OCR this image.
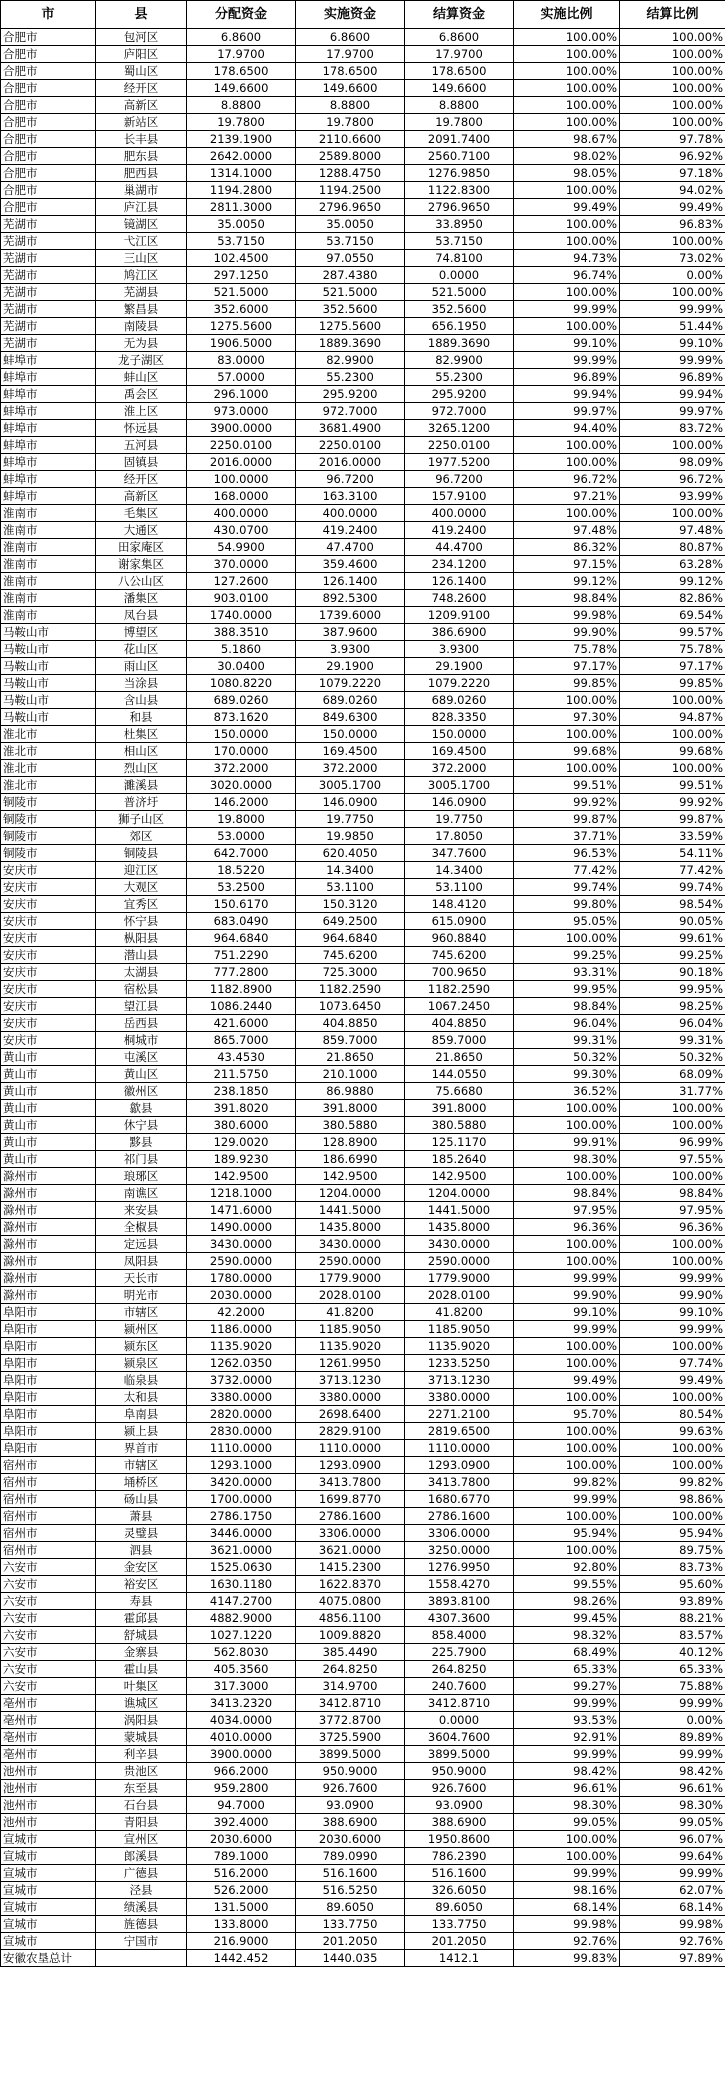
市	县	分配资金	实施资金	结算资金	实施比例	结算比例
合肥市	包河区	6.8600	6.8600	6.8600	100.00%	100.00%
合肥市	庐阳区	17.9700	17.9700	17.9700	100.00%	100.00%
合肥市	蜀山区	178.6500	178.6500	178.6500	100.00%	100.00%
合肥市	经开区	149.6600	149.6600	149.6600	100.00%	100.00%
合肥市	高新区	8.8800	8.8800	8.8800	100.00%	100.00%
合肥市	新站区	19.7800	19.7800	19.7800	100.00%	100.00%
合肥市	长丰县	2139.1900	2110.6600	2091.7400	98.67%	97.78%
合肥市	肥东县	2642.0000	2589.8000	2560.7100	98.02%	96.92%
合肥市	肥西县	1314.1000	1288.4750	1276.9850	98.05%	97.18%
合肥市	巢湖市	1194.2800	1194.2500	1122.8300	100.00%	94.02%
合肥市	庐江县	2811.3000	2796.9650	2796.9650	99.49%	99.49%
芜湖市	镜湖区	35.0050	35.0050	33.8950	100.00%	96.83%
芜湖市	弋江区	53.7150	53.7150	53.7150	100.00%	100.00%
芜湖市	三山区	102.4500	97.0550	74.8100	94.73%	73.02%
芜湖市	鸠江区	297.1250	287.4380	0.0000	96.74%	0.00%
芜湖市	芜湖县	521.5000	521.5000	521.5000	100.00%	100.00%
芜湖市	繁昌县	352.6000	352.5600	352.5600	99.99%	99.99%
芜湖市	南陵县	1275.5600	1275.5600	656.1950	100.00%	51.44%
芜湖市	无为县	1906.5000	1889.3690	1889.3690	99.10%	99.10%
蚌埠市	龙子湖区	83.0000	82.9900	82.9900	99.99%	99.99%
蚌埠市	蚌山区	57.0000	55.2300	55.2300	96.89%	96.89%
蚌埠市	禹会区	296.1000	295.9200	295.9200	99.94%	99.94%
蚌埠市	淮上区	973.0000	972.7000	972.7000	99.97%	99.97%
蚌埠市	怀远县	3900.0000	3681.4900	3265.1200	94.40%	83.72%
蚌埠市	五河县	2250.0100	2250.0100	2250.0100	100.00%	100.00%
蚌埠市	固镇县	2016.0000	2016.0000	1977.5200	100.00%	98.09%
蚌埠市	经开区	100.0000	96.7200	96.7200	96.72%	96.72%
蚌埠市	高新区	168.0000	163.3100	157.9100	97.21%	93.99%
淮南市	毛集区	400.0000	400.0000	400.0000	100.00%	100.00%
淮南市	大通区	430.0700	419.2400	419.2400	97.48%	97.48%
淮南市	田家庵区	54.9900	47.4700	44.4700	86.32%	80.87%
淮南市	谢家集区	370.0000	359.4600	234.1200	97.15%	63.28%
淮南市	八公山区	127.2600	126.1400	126.1400	99.12%	99.12%
淮南市	潘集区	903.0100	892.5300	748.2600	98.84%	82.86%
淮南市	凤台县	1740.0000	1739.6000	1209.9100	99.98%	69.54%
马鞍山市	博望区	388.3510	387.9600	386.6900	99.90%	99.57%
马鞍山市	花山区	5.1860	3.9300	3.9300	75.78%	75.78%
马鞍山市	雨山区	30.0400	29.1900	29.1900	97.17%	97.17%
马鞍山市	当涂县	1080.8220	1079.2220	1079.2220	99.85%	99.85%
马鞍山市	含山县	689.0260	689.0260	689.0260	100.00%	100.00%
马鞍山市	和县	873.1620	849.6300	828.3350	97.30%	94.87%
淮北市	杜集区	150.0000	150.0000	150.0000	100.00%	100.00%
淮北市	相山区	170.0000	169.4500	169.4500	99.68%	99.68%
淮北市	烈山区	372.2000	372.2000	372.2000	100.00%	100.00%
淮北市	濉溪县	3020.0000	3005.1700	3005.1700	99.51%	99.51%
铜陵市	普济圩	146.2000	146.0900	146.0900	99.92%	99.92%
铜陵市	狮子山区	19.8000	19.7750	19.7750	99.87%	99.87%
铜陵市	郊区	53.0000	19.9850	17.8050	37.71%	33.59%
铜陵市	铜陵县	642.7000	620.4050	347.7600	96.53%	54.11%
安庆市	迎江区	18.5220	14.3400	14.3400	77.42%	77.42%
安庆市	大观区	53.2500	53.1100	53.1100	99.74%	99.74%
安庆市	宜秀区	150.6170	150.3120	148.4120	99.80%	98.54%
安庆市	怀宁县	683.0490	649.2500	615.0900	95.05%	90.05%
安庆市	枞阳县	964.6840	964.6840	960.8840	100.00%	99.61%
安庆市	潜山县	751.2290	745.6200	745.6200	99.25%	99.25%
安庆市	太湖县	777.2800	725.3000	700.9650	93.31%	90.18%
安庆市	宿松县	1182.8900	1182.2590	1182.2590	99.95%	99.95%
安庆市	望江县	1086.2440	1073.6450	1067.2450	98.84%	98.25%
安庆市	岳西县	421.6000	404.8850	404.8850	96.04%	96.04%
安庆市	桐城市	865.7000	859.7000	859.7000	99.31%	99.31%
黄山市	屯溪区	43.4530	21.8650	21.8650	50.32%	50.32%
黄山市	黄山区	211.5750	210.1000	144.0550	99.30%	68.09%
黄山市	徽州区	238.1850	86.9880	75.6680	36.52%	31.77%
黄山市	歙县	391.8020	391.8000	391.8000	100.00%	100.00%
黄山市	休宁县	380.6000	380.5880	380.5880	100.00%	100.00%
黄山市	黟县	129.0020	128.8900	125.1170	99.91%	96.99%
黄山市	祁门县	189.9230	186.6990	185.2640	98.30%	97.55%
滁州市	琅琊区	142.9500	142.9500	142.9500	100.00%	100.00%
滁州市	南谯区	1218.1000	1204.0000	1204.0000	98.84%	98.84%
滁州市	来安县	1471.6000	1441.5000	1441.5000	97.95%	97.95%
滁州市	全椒县	1490.0000	1435.8000	1435.8000	96.36%	96.36%
滁州市	定远县	3430.0000	3430.0000	3430.0000	100.00%	100.00%
滁州市	凤阳县	2590.0000	2590.0000	2590.0000	100.00%	100.00%
滁州市	天长市	1780.0000	1779.9000	1779.9000	99.99%	99.99%
滁州市	明光市	2030.0000	2028.0100	2028.0100	99.90%	99.90%
阜阳市	市辖区	42.2000	41.8200	41.8200	99.10%	99.10%
阜阳市	颍州区	1186.0000	1185.9050	1185.9050	99.99%	99.99%
阜阳市	颍东区	1135.9020	1135.9020	1135.9020	100.00%	100.00%
阜阳市	颍泉区	1262.0350	1261.9950	1233.5250	100.00%	97.74%
阜阳市	临泉县	3732.0000	3713.1230	3713.1230	99.49%	99.49%
阜阳市	太和县	3380.0000	3380.0000	3380.0000	100.00%	100.00%
阜阳市	阜南县	2820.0000	2698.6400	2271.2100	95.70%	80.54%
阜阳市	颍上县	2830.0000	2829.9100	2819.6500	100.00%	99.63%
阜阳市	界首市	1110.0000	1110.0000	1110.0000	100.00%	100.00%
宿州市	市辖区	1293.1000	1293.0900	1293.0900	100.00%	100.00%
宿州市	埇桥区	3420.0000	3413.7800	3413.7800	99.82%	99.82%
宿州市	砀山县	1700.0000	1699.8770	1680.6770	99.99%	98.86%
宿州市	萧县	2786.1750	2786.1600	2786.1600	100.00%	100.00%
宿州市	灵璧县	3446.0000	3306.0000	3306.0000	95.94%	95.94%
宿州市	泗县	3621.0000	3621.0000	3250.0000	100.00%	89.75%
六安市	金安区	1525.0630	1415.2300	1276.9950	92.80%	83.73%
六安市	裕安区	1630.1180	1622.8370	1558.4270	99.55%	95.60%
六安市	寿县	4147.2700	4075.0800	3893.8100	98.26%	93.89%
六安市	霍邱县	4882.9000	4856.1100	4307.3600	99.45%	88.21%
六安市	舒城县	1027.1220	1009.8820	858.4000	98.32%	83.57%
六安市	金寨县	562.8030	385.4490	225.7900	68.49%	40.12%
六安市	霍山县	405.3560	264.8250	264.8250	65.33%	65.33%
六安市	叶集区	317.3000	314.9700	240.7600	99.27%	75.88%
亳州市	谯城区	3413.2320	3412.8710	3412.8710	99.99%	99.99%
亳州市	涡阳县	4034.0000	3772.8700	0.0000	93.53%	0.00%
亳州市	蒙城县	4010.0000	3725.5900	3604.7600	92.91%	89.89%
亳州市	利辛县	3900.0000	3899.5000	3899.5000	99.99%	99.99%
池州市	贵池区	966.2000	950.9000	950.9000	98.42%	98.42%
池州市	东至县	959.2800	926.7600	926.7600	96.61%	96.61%
池州市	石台县	94.7000	93.0900	93.0900	98.30%	98.30%
池州市	青阳县	392.4000	388.6900	388.6900	99.05%	99.05%
宣城市	宣州区	2030.6000	2030.6000	1950.8600	100.00%	96.07%
宣城市	郎溪县	789.1000	789.0990	786.2390	100.00%	99.64%
宣城市	广德县	516.2000	516.1600	516.1600	99.99%	99.99%
宣城市	泾县	526.2000	516.5250	326.6050	98.16%	62.07%
宣城市	绩溪县	131.5000	89.6050	89.6050	68.14%	68.14%
宣城市	旌德县	133.8000	133.7750	133.7750	99.98%	99.98%
宣城市	宁国市	216.9000	201.2050	201.2050	92.76%	92.76%
安徽农垦总计		1442.452	1440.035	1412.1	99.83%	97.89%
